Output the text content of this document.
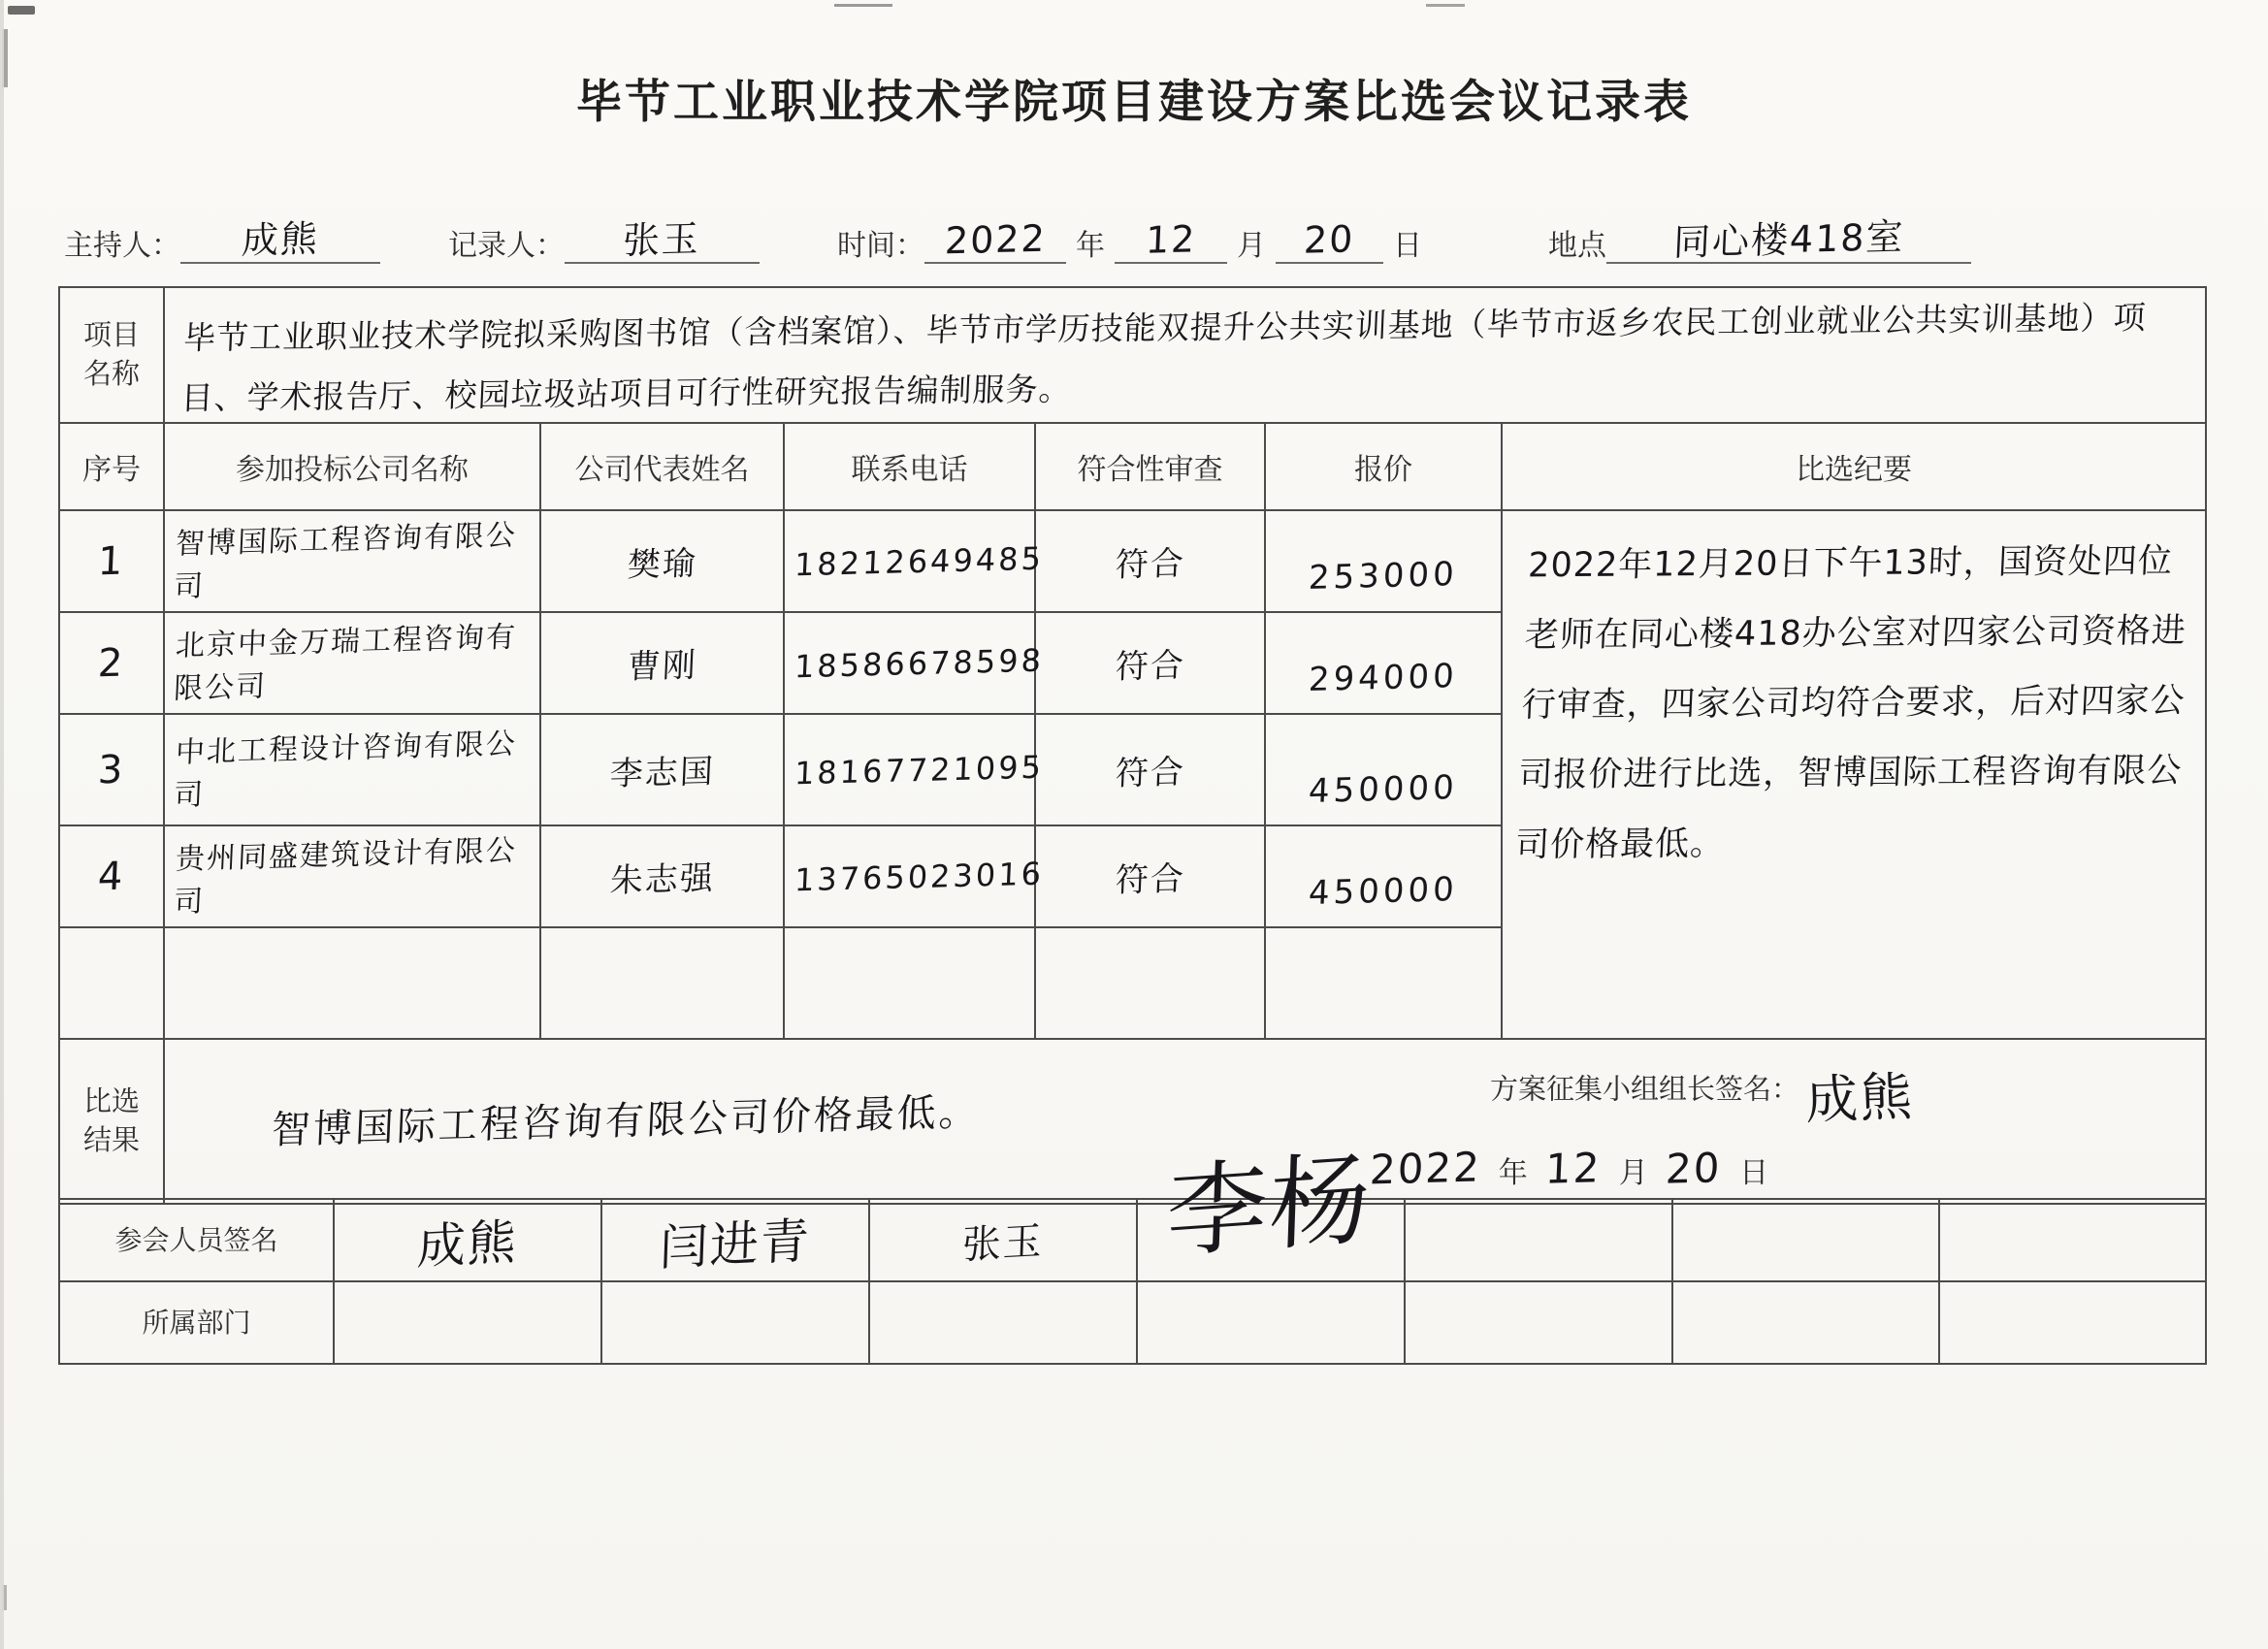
毕节工业职业技术学院项目建设方案比选会议记录表
主持人：	成熊	记录人：	张玉	时间： 2022 年	12	月	20	日	地点	同心楼418室
项目
名称	毕节工业职业技术学院拟采购图书馆（含档案馆）、毕节市学历技能双提升公共实训基地（毕节市返乡农民工创业就业公共实训基地）项目、学术报告厅、校园垃圾站项目可行性研究报告编制服务。					
序号	参加投标公司名称	公司代表姓名	联系电话	符合性审查	报价	比选纪要
1	智博国际工程咨询有限公司	樊瑜	18212649485	符合	253000	2022年12月20日下午13时，国资处四位老师在同心楼418办公室对四家公司资格进行审查，四家公司均符合要求，后对四家公司报价进行比选，智博国际工程咨询有限公司价格最低。
2	北京中金万瑞工程咨询有限公司	曹刚	18586678598	符合	294000	
3	中北工程设计咨询有限公司	李志国	18167721095	符合	450000	
4	贵州同盛建筑设计有限公司	朱志强	13765023016	符合	450000	

比选
结果	智博国际工程咨询有限公司价格最低。	方案征集小组组长签名：成熊
2022 年 12 月 20 日
参会人员签名	成熊	闫进青	张玉	李杨			

所属部门							
